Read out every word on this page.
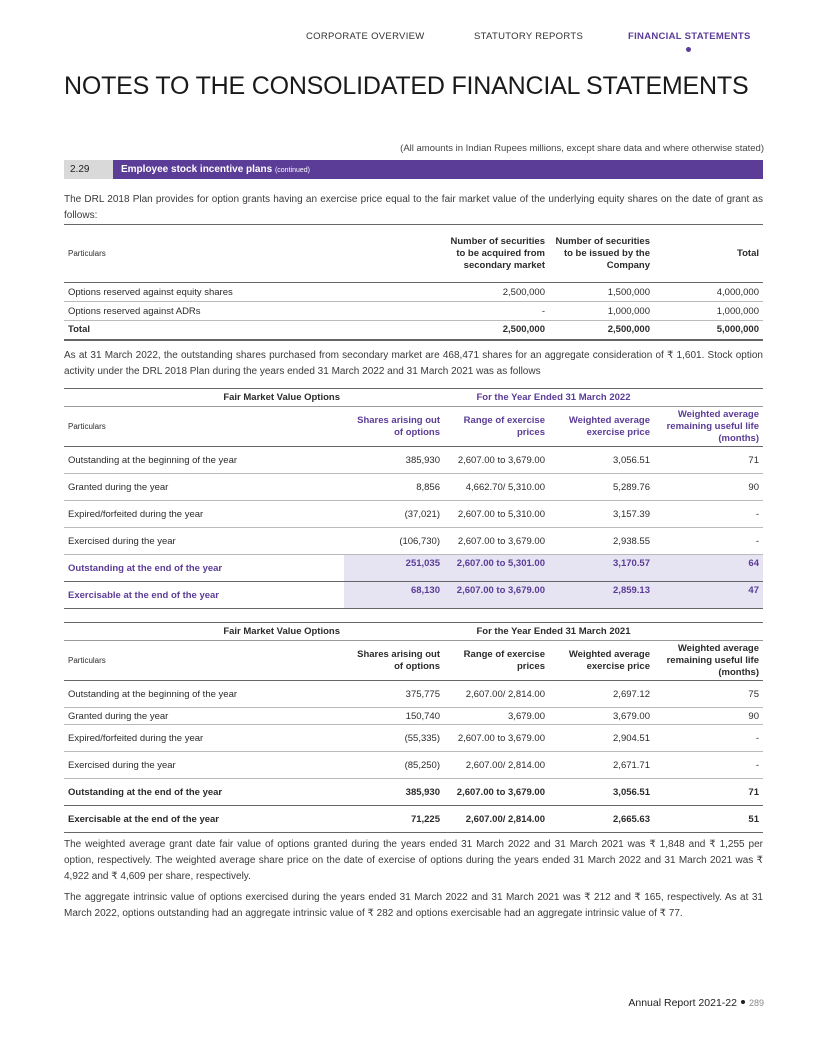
CORPORATE OVERVIEW	STATUTORY REPORTS	FINANCIAL STATEMENTS
NOTES TO THE CONSOLIDATED FINANCIAL STATEMENTS
(All amounts in Indian Rupees millions, except share data and where otherwise stated)
2.29	Employee stock incentive plans (continued)

The DRL 2018 Plan provides for option grants having an exercise price equal to the fair market value of the underlying equity shares on the date of grant as follows:

Particulars	Number of securities to be acquired from secondary market	Number of securities to be issued by the Company	Total
Options reserved against equity shares	2,500,000	1,500,000	4,000,000
Options reserved against ADRs	-	1,000,000	1,000,000
Total	2,500,000	2,500,000	5,000,000

As at 31 March 2022, the outstanding shares purchased from secondary market are 468,471 shares for an aggregate consideration of ₹ 1,601. Stock option activity under the DRL 2018 Plan during the years ended 31 March 2022 and 31 March 2021 was as follows

Fair Market Value Options	For the Year Ended 31 March 2022			
Particulars	Shares arising out of options	Range of exercise prices	Weighted average exercise price	Weighted average remaining useful life (months)
Outstanding at the beginning of the year	385,930	2,607.00 to 3,679.00	3,056.51	71
Granted during the year	8,856	4,662.70/ 5,310.00	5,289.76	90
Expired/forfeited during the year	(37,021)	2,607.00 to 5,310.00	3,157.39	-
Exercised during the year	(106,730)	2,607.00 to 3,679.00	2,938.55	-
Outstanding at the end of the year	251,035	2,607.00 to 5,301.00	3,170.57	64
Exercisable at the end of the year	68,130	2,607.00 to 3,679.00	2,859.13	47
Fair Market Value Options	For the Year Ended 31 March 2021			
Particulars	Shares arising out of options	Range of exercise prices	Weighted average exercise price	Weighted average remaining useful life (months)
Outstanding at the beginning of the year	375,775	2,607.00/ 2,814.00	2,697.12	75
Granted during the year	150,740	3,679.00	3,679.00	90
Expired/forfeited during the year	(55,335)	2,607.00 to 3,679.00	2,904.51	-
Exercised during the year	(85,250)	2,607.00/ 2,814.00	2,671.71	-
Outstanding at the end of the year	385,930	2,607.00 to 3,679.00	3,056.51	71
Exercisable at the end of the year	71,225	2,607.00/ 2,814.00	2,665.63	51

The weighted average grant date fair value of options granted during the years ended 31 March 2022 and 31 March 2021 was ₹ 1,848 and ₹ 1,255 per option, respectively. The weighted average share price on the date of exercise of options during the years ended 31 March 2022 and 31 March 2021 was ₹ 4,922 and ₹ 4,609 per share, respectively.

The aggregate intrinsic value of options exercised during the years ended 31 March 2022 and 31 March 2021 was ₹ 212 and ₹ 165, respectively. As at 31 March 2022, options outstanding had an aggregate intrinsic value of ₹ 282 and options exercisable had an aggregate intrinsic value of ₹ 77.

Annual Report 2021-22 289
